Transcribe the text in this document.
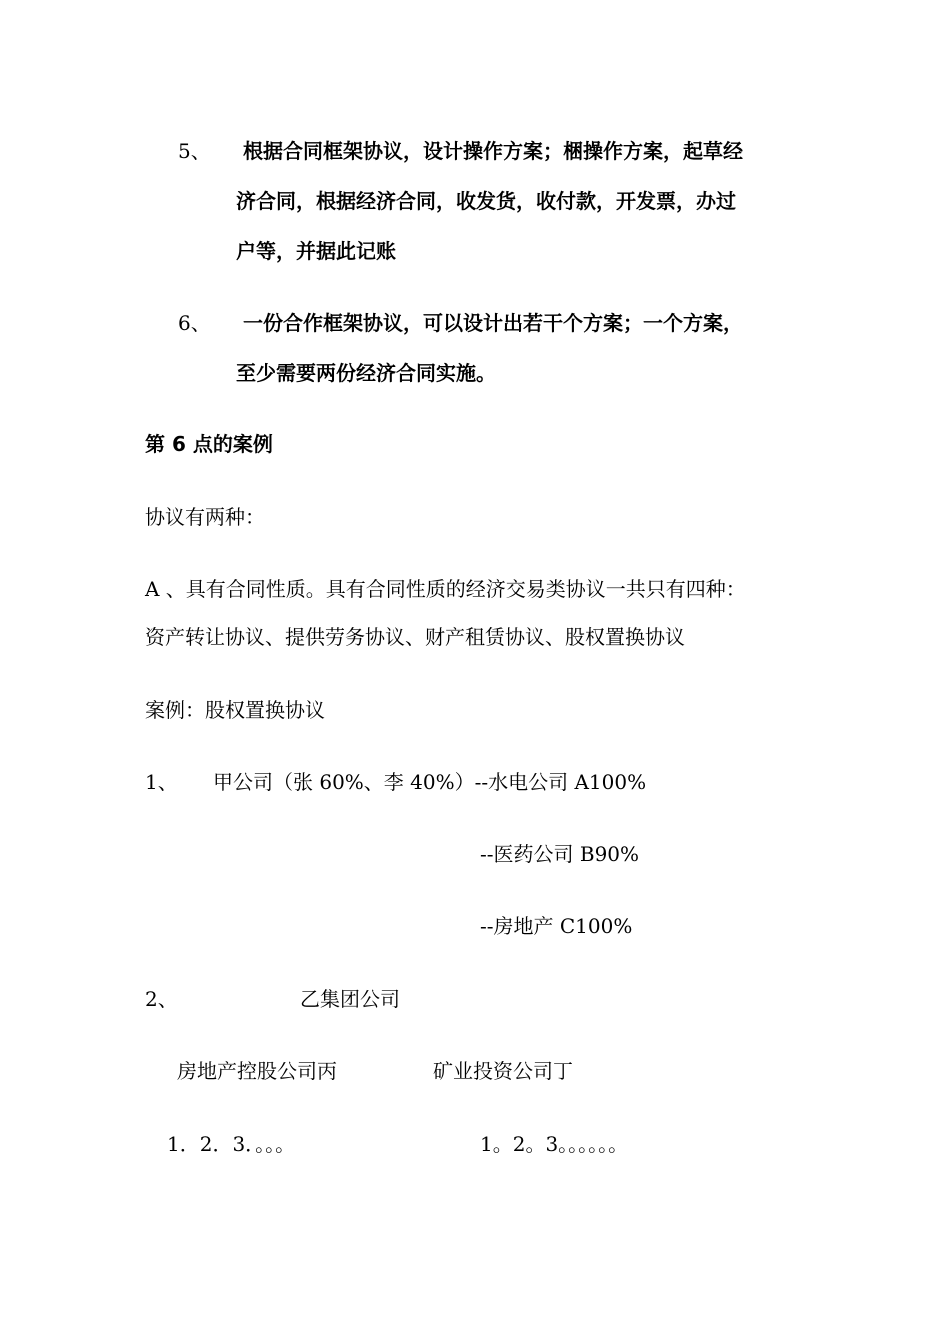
5、 根据合同框架协议，设计操作方案；梱操作方案，起草经
济合同，根据经济合同，收发货，收付款，开发票，办过
户等，并据此记账
6、 一份合作框架协议，可以设计出若干个方案；一个方案，
至少需要两份经济合同实施。
第 6 点的案例
协议有两种：
A 、具有合同性质。具有合同性质的经济交易类协议一共只有四种：
资产转让协议、提供劳务协议、财产租赁协议、股权置换协议
案例：股权置换协议
1、 甲公司（张 60%、李 40%）--水电公司 A100%
--医药公司 B90%
--房地产 C100%
2、	乙集团公司
房地产控股公司丙	矿业投资公司丁
1．2．3．。。。	1。2。3。。。。。。
